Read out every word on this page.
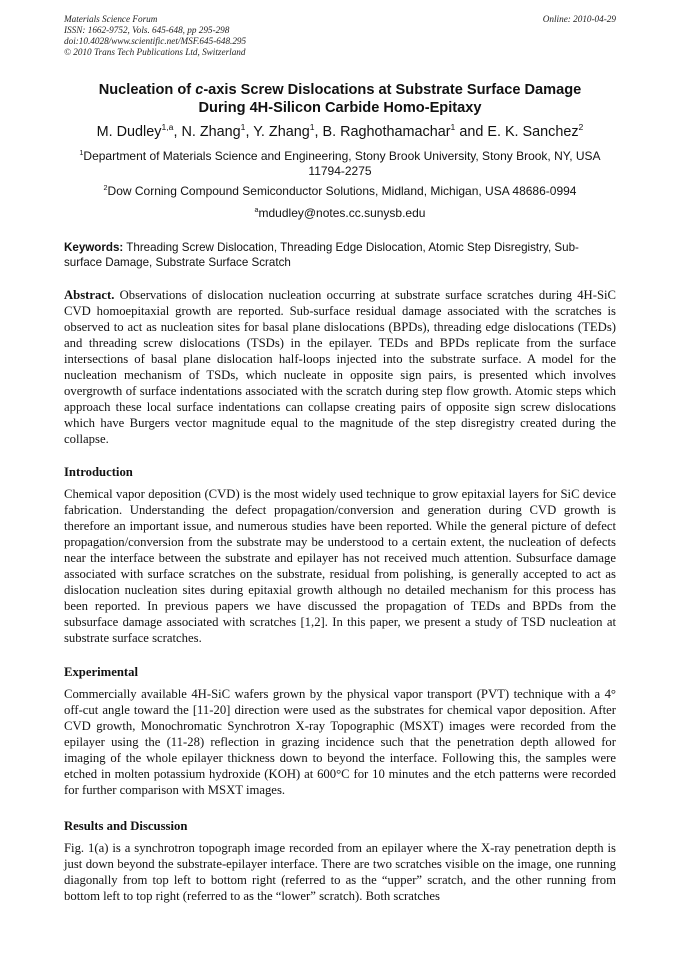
Materials Science Forum
ISSN: 1662-9752, Vols. 645-648, pp 295-298
doi:10.4028/www.scientific.net/MSF.645-648.295
© 2010 Trans Tech Publications Ltd, Switzerland
Online: 2010-04-29
Nucleation of c-axis Screw Dislocations at Substrate Surface Damage
During 4H-Silicon Carbide Homo-Epitaxy
M. Dudley$^{1,a}$, N. Zhang$^1$, Y. Zhang$^1$, B. Raghothamachar$^1$ and E. K. Sanchez$^2$
$^1$Department of Materials Science and Engineering, Stony Brook University, Stony Brook, NY, USA
11794-2275
$^2$Dow Corning Compound Semiconductor Solutions, Midland, Michigan, USA 48686-0994
$^a$mdudley@notes.cc.sunysb.edu
Keywords: Threading Screw Dislocation, Threading Edge Dislocation, Atomic Step Disregistry, Sub-surface Damage, Substrate Surface Scratch
Abstract. Observations of dislocation nucleation occurring at substrate surface scratches during 4H-SiC CVD homoepitaxial growth are reported. Sub-surface residual damage associated with the scratches is observed to act as nucleation sites for basal plane dislocations (BPDs), threading edge dislocations (TEDs) and threading screw dislocations (TSDs) in the epilayer. TEDs and BPDs replicate from the surface intersections of basal plane dislocation half-loops injected into the substrate surface. A model for the nucleation mechanism of TSDs, which nucleate in opposite sign pairs, is presented which involves overgrowth of surface indentations associated with the scratch during step flow growth. Atomic steps which approach these local surface indentations can collapse creating pairs of opposite sign screw dislocations which have Burgers vector magnitude equal to the magnitude of the step disregistry created during the collapse.
Introduction
Chemical vapor deposition (CVD) is the most widely used technique to grow epitaxial layers for SiC device fabrication. Understanding the defect propagation/conversion and generation during CVD growth is therefore an important issue, and numerous studies have been reported. While the general picture of defect propagation/conversion from the substrate may be understood to a certain extent, the nucleation of defects near the interface between the substrate and epilayer has not received much attention. Subsurface damage associated with surface scratches on the substrate, residual from polishing, is generally accepted to act as dislocation nucleation sites during epitaxial growth although no detailed mechanism for this process has been reported. In previous papers we have discussed the propagation of TEDs and BPDs from the subsurface damage associated with scratches [1,2]. In this paper, we present a study of TSD nucleation at substrate surface scratches.
Experimental
Commercially available 4H-SiC wafers grown by the physical vapor transport (PVT) technique with a 4° off-cut angle toward the [11-20] direction were used as the substrates for chemical vapor deposition. After CVD growth, Monochromatic Synchrotron X-ray Topographic (MSXT) images were recorded from the epilayer using the (11-28) reflection in grazing incidence such that the penetration depth allowed for imaging of the whole epilayer thickness down to beyond the interface. Following this, the samples were etched in molten potassium hydroxide (KOH) at 600°C for 10 minutes and the etch patterns were recorded for further comparison with MSXT images.
Results and Discussion
Fig. 1(a) is a synchrotron topograph image recorded from an epilayer where the X-ray penetration depth is just down beyond the substrate-epilayer interface. There are two scratches visible on the image, one running diagonally from top left to bottom right (referred to as the “upper” scratch, and the other running from bottom left to top right (referred to as the “lower” scratch). Both scratches
